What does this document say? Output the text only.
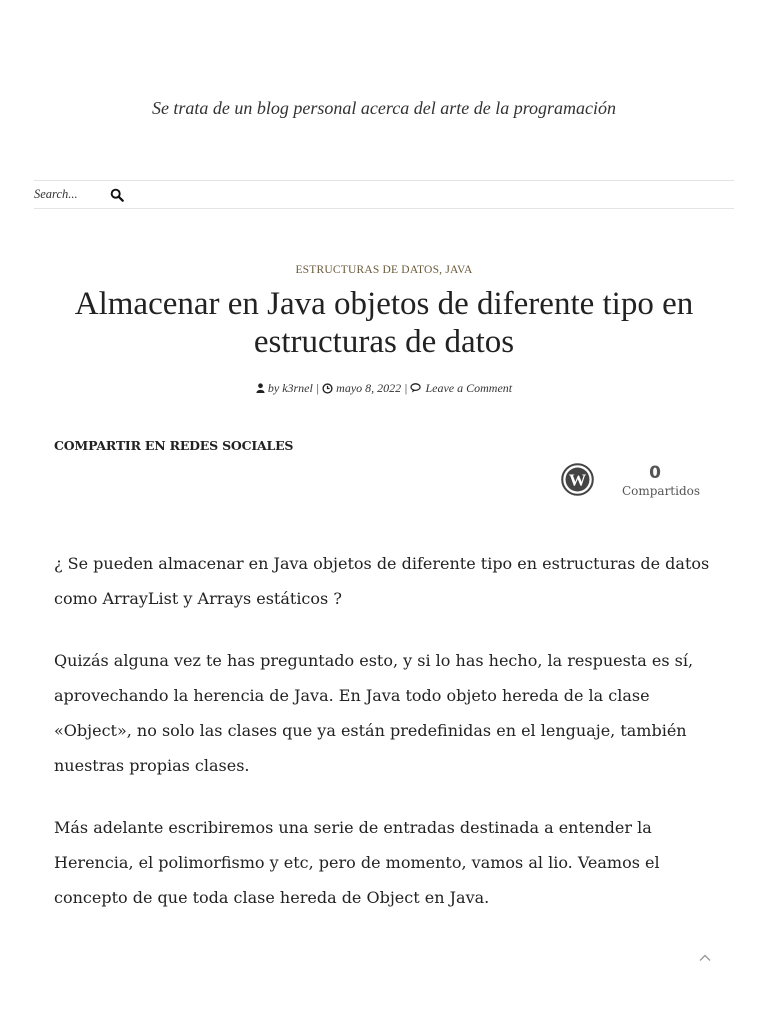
Se trata de un blog personal acerca del arte de la programación
Search...
ESTRUCTURAS DE DATOS, JAVA
Almacenar en Java objetos de diferente tipo en estructuras de datos
by k3rnel | mayo 8, 2022 | Leave a Comment
COMPARTIR EN REDES SOCIALES
W	0
Compartidos

¿ Se pueden almacenar en Java objetos de diferente tipo en estructuras de datos como ArrayList y Arrays estáticos ?

Quizás alguna vez te has preguntado esto, y si lo has hecho, la respuesta es sí, aprovechando la herencia de Java. En Java todo objeto hereda de la clase «Object», no solo las clases que ya están predefinidas en el lenguaje, también nuestras propias clases.

Más adelante escribiremos una serie de entradas destinada a entender la Herencia, el polimorfismo y etc, pero de momento, vamos al lio. Veamos el concepto de que toda clase hereda de Object en Java.
